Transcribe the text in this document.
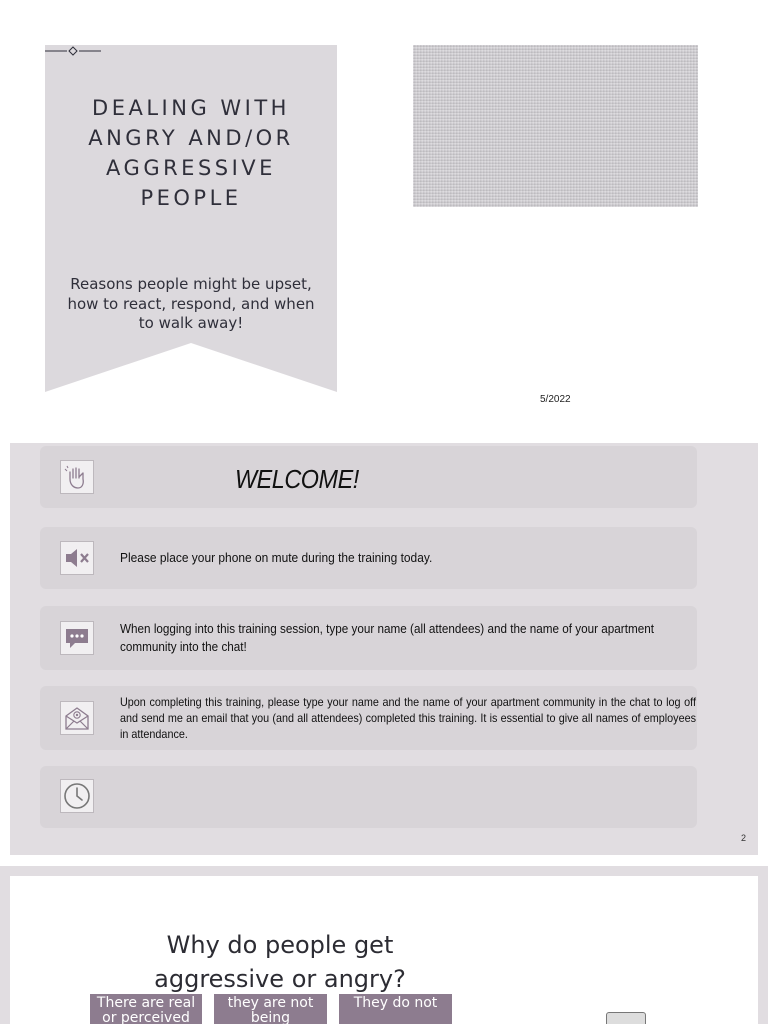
DEALING WITH
ANGRY AND/OR
AGGRESSIVE
PEOPLE
Reasons people might be upset, how to react, respond, and when to walk away!
5/2022
WELCOME!
Please place your phone on mute during the training today.
When logging into this training session, type your name (all attendees) and the name of your apartment community into the chat!
Upon completing this training, please type your name and the name of your apartment community in the chat to log off and send me an email that you (and all attendees) completed this training. It is essential to give all names of employees in attendance.
2
Why do people get aggressive or angry?
There are real or perceived
they are not being
They do not
